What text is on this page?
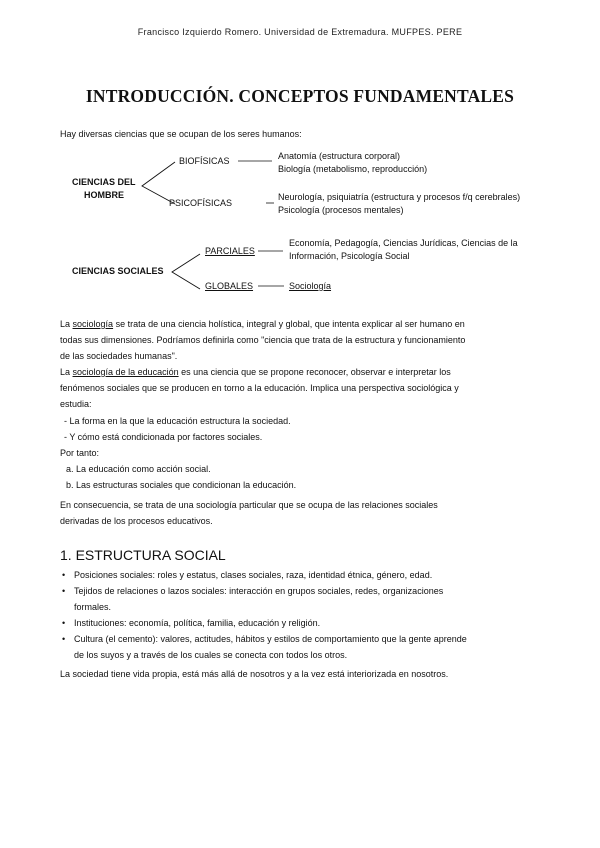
Francisco Izquierdo Romero. Universidad de Extremadura. MUFPES. PERE
INTRODUCCIÓN. CONCEPTOS FUNDAMENTALES
Hay diversas ciencias que se ocupan de los seres humanos:
CIENCIAS DEL
HOMBRE
BIOFÍSICAS	Anatomía (estructura corporal)
Biología (metabolismo, reproducción)
PSICOFÍSICAS
Neurología, psiquiatría (estructura y procesos f/q cerebrales)
Psicología (procesos mentales)
CIENCIAS SOCIALES
PARCIALES
Economía, Pedagogía, Ciencias Jurídicas, Ciencias de la
Información, Psicología Social
GLOBALES	Sociología
La sociología se trata de una ciencia holística, integral y global, que intenta explicar al ser humano en
todas sus dimensiones. Podríamos definirla como "ciencia que trata de la estructura y funcionamiento
de las sociedades humanas".
La sociología de la educación es una ciencia que se propone reconocer, observar e interpretar los
fenómenos sociales que se producen en torno a la educación. Implica una perspectiva sociológica y
estudia:
- La forma en la que la educación estructura la sociedad.
- Y cómo está condicionada por factores sociales.
Por tanto:
a. La educación como acción social.
b. Las estructuras sociales que condicionan la educación.
En consecuencia, se trata de una sociología particular que se ocupa de las relaciones sociales
derivadas de los procesos educativos.
1. ESTRUCTURA SOCIAL
• Posiciones sociales: roles y estatus, clases sociales, raza, identidad étnica, género, edad.
• Tejidos de relaciones o lazos sociales: interacción en grupos sociales, redes, organizaciones
formales.
• Instituciones: economía, política, familia, educación y religión.
• Cultura (el cemento): valores, actitudes, hábitos y estilos de comportamiento que la gente aprende
de los suyos y a través de los cuales se conecta con todos los otros.
La sociedad tiene vida propia, está más allá de nosotros y a la vez está interiorizada en nosotros.
